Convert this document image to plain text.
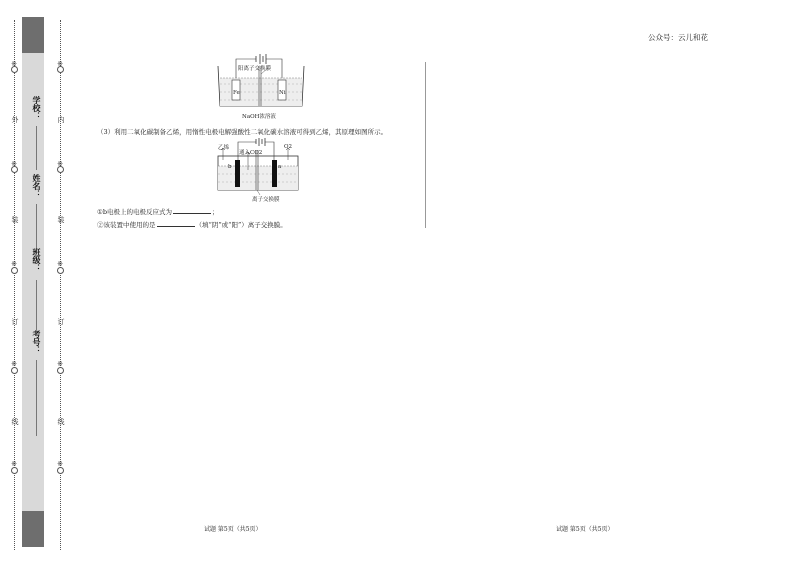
公众号：云儿和花
※
外
※
装
※
订
※
线
※
※
内
※
装
※
订
※
线
※
学校：
姓名：
班级：
考号：
阳离子交换膜
Fe	Ni
NaOH浓溶液
（3）利用二氧化碳制备乙烯，用惰性电极电解强酸性二氧化碳水溶液可得到乙烯，其原理如图所示。
乙烯
通入CO2
O2
b	a
离子交换膜
①b电极上的电极反应式为	；
②该装置中使用的是	（填“阴”或“阳”）离子交换膜。
试题 第5页（共5页）	试题 第5页（共5页）
